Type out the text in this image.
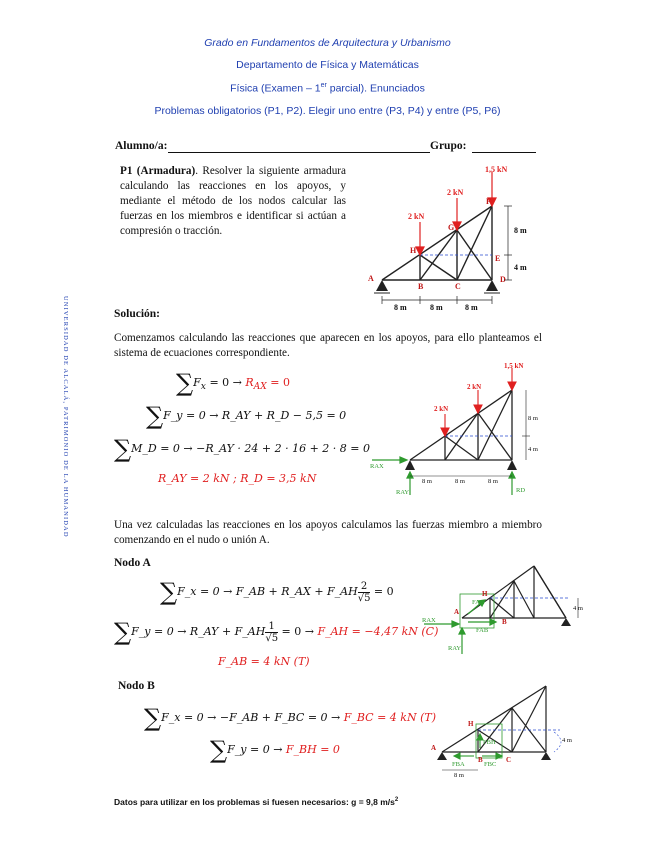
Grado en Fundamentos de Arquitectura y Urbanismo
Departamento de Física y Matemáticas
Física (Examen – 1er parcial). Enunciados
Problemas obligatorios (P1, P2). Elegir uno entre (P3, P4) y entre (P5, P6)
Alumno/a:	Grupo:
P1 (Armadura). Resolver la siguiente armadura calculando las reacciones en los apoyos, y mediante el método de los nodos calcular las fuerzas en los miembros e identificar si actúan a compresión o tracción.
UNIVERSIDAD DE ALCALÁ, PATRIMONIO DE LA HUMANIDAD
1,5 kN
2 kN
2 kN
A
B	C
D
E
F
G
H
8 m	8 m	8 m
8 m
4 m
Solución:
Comenzamos calculando las reacciones que aparecen en los apoyos, para ello planteamos el sistema de ecuaciones correspondiente.
$\sum F_x = 0 \to R_{AX} = 0$
∑F_y = 0 → R_AY + R_D − 5,5 = 0
∑M_D = 0 → −R_AY · 24 + 2 · 16 + 2 · 8 = 0
R_AY = 2 kN ; R_D = 3,5 kN
1,5 kN
2 kN
2 kN
RAX
RAY	RD
8 m	8 m	8 m
8 m
4 m
Una vez calculadas las reacciones en los apoyos calculamos las fuerzas miembro a miembro comenzando en el nudo o unión A.
Nodo A
∑F_x = 0 → F_AB + R_AX + F_AH $\frac{2}{√5} = 0$
∑F_y = 0 → R_AY + F_AH $\frac{1}{√5} = 0$ → F_AH = −4,47 kN (C)
F_AB = 4 kN (T)
FAH
FAB
RAX
RAY
A
B
H
4 m
Nodo B
∑F_x = 0 → −F_AB + F_BC = 0 → F_BC = 4 kN (T)
∑F_y = 0 → F_BH = 0
FBH
FBA	FBC
A
B	C
H
8 m
4 m
Datos para utilizar en los problemas si fuesen necesarios: g = 9,8 $m/s^2$
